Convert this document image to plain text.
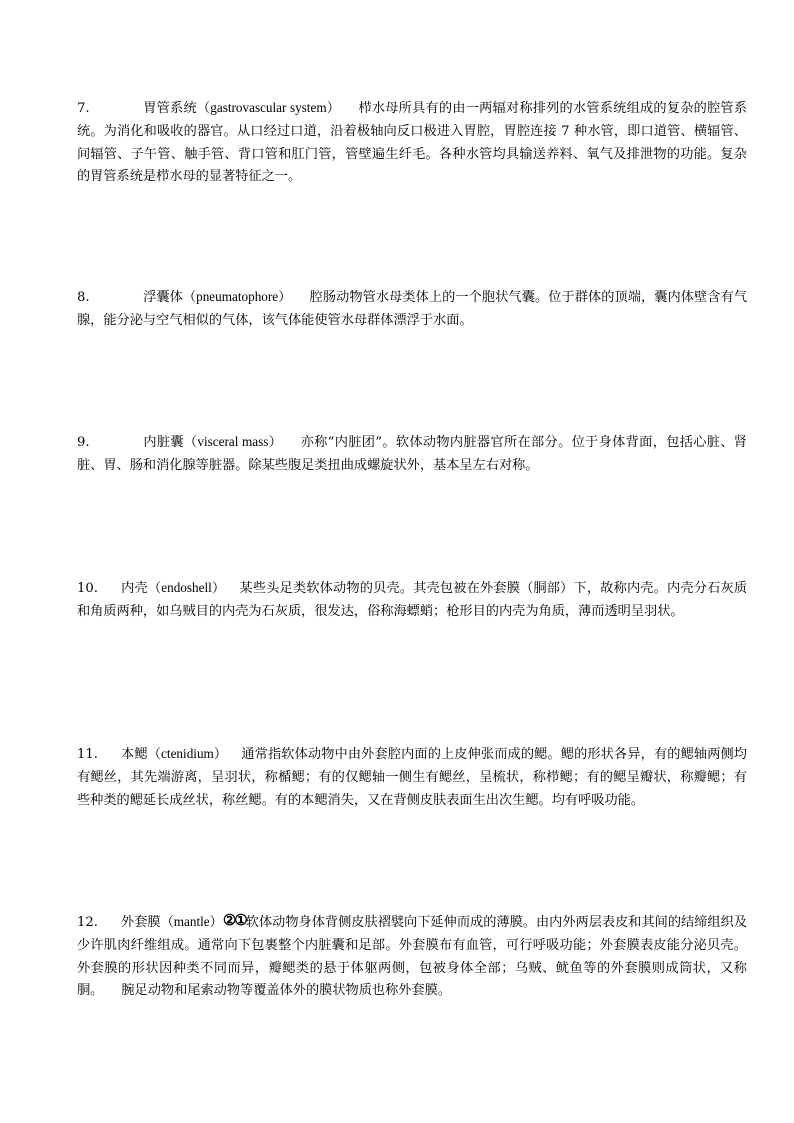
7.	胃管系统（gastrovascular system） 栉水母所具有的由一两辐对称排列的水管系统组成的复杂的腔管系统。为消化和吸收的器官。从口经过口道，沿着极轴向反口极进入胃腔，胃腔连接 7 种水管，即口道管、横辐管、间辐管、子午管、触手管、背口管和肛门管，管壁遍生纤毛。各种水管均具输送养料、氧气及排泄物的功能。复杂的胃管系统是栉水母的显著特征之一。
8.	浮囊体（pneumatophore） 腔肠动物管水母类体上的一个胞状气囊。位于群体的顶端，囊内体壁含有气腺，能分泌与空气相似的气体，该气体能使管水母群体漂浮于水面。
9.	内脏囊（visceral mass） 亦称“内脏团”。软体动物内脏器官所在部分。位于身体背面，包括心脏、肾脏、胃、肠和消化腺等脏器。除某些腹足类扭曲成螺旋状外，基本呈左右对称。
10. 内壳（endoshell） 某些头足类软体动物的贝壳。其壳包被在外套膜（胴部）下，故称内壳。内壳分石灰质和角质两种，如乌贼目的内壳为石灰质，很发达，俗称海螵蛸；枪形目的内壳为角质，薄而透明呈羽状。
11. 本鳃（ctenidium） 通常指软体动物中由外套腔内面的上皮伸张而成的鳃。鳃的形状各异，有的鳃轴两侧均有鳃丝，其先端游离，呈羽状，称楯鳃；有的仅鳃轴一侧生有鳃丝，呈梳状，称栉鳃；有的鳃呈瓣状，称瓣鳃；有些种类的鳃延长成丝状，称丝鳃。有的本鳃消失，又在背侧皮肤表面生出次生鳃。均有呼吸功能。
12. 外套膜（mantle）②①软体动物身体背侧皮肤褶襞向下延伸而成的薄膜。由内外两层表皮和其间的结缔组织及少许肌肉纤维组成。通常向下包裹整个内脏囊和足部。外套膜布有血管，可行呼吸功能；外套膜表皮能分泌贝壳。外套膜的形状因种类不同而异，瓣鳃类的悬于体躯两侧，包被身体全部；乌贼、鱿鱼等的外套膜则成筒状，又称胴。 腕足动物和尾索动物等覆盖体外的膜状物质也称外套膜。
